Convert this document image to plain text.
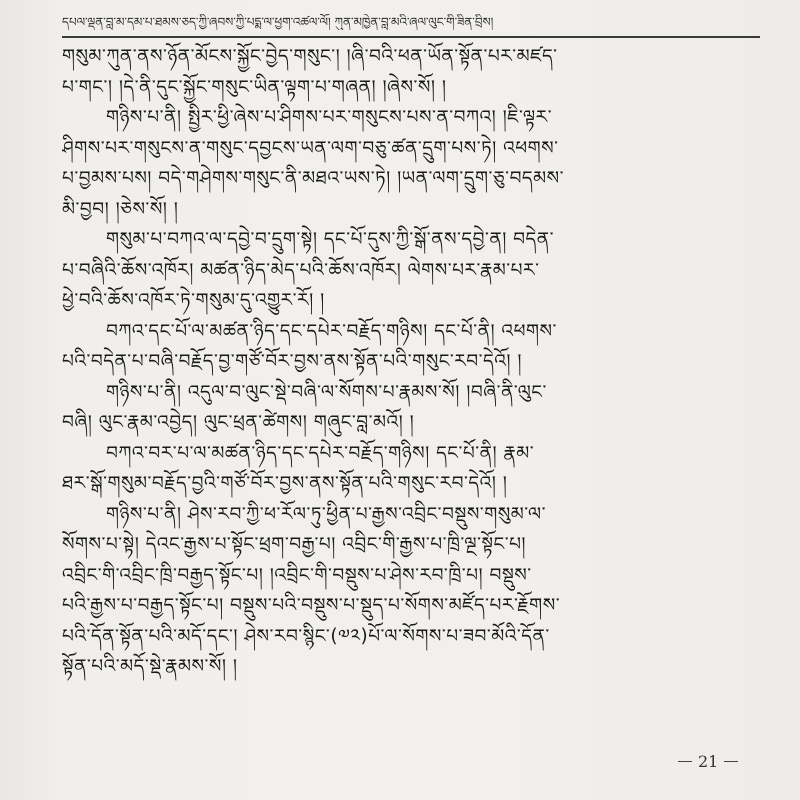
དཔལ་ལྡན་བླ་མ་དམ་པ་ཐམས་ཅད་ཀྱི་ཞབས་ཀྱི་པདྨ་ལ་ཕྱག་འཚལ་ལོ། ཀུན་མཁྱེན་བླ་མའི་ཞལ་ལུང་གི་ཟིན་བྲིས།
གསུམ་ཀུན་ནས་ཉོན་མོངས་སྐྱོང་བྱེད་གསུང་། །ཞི་བའི་ཕན་ཡོན་སྟོན་པར་མཛད་
པ་གང་། །དེ་ནི་དུང་སྐྱོང་གསུང་ཡིན་ལྟག་པ་གཞན། །ཞེས་སོ། །
གཉིས་པ་ནི། སྤྱིར་ཕྱི་ཞེས་པ་ཤིགས་པར་གསུངས་པས་ན་བཀའ། །ཇི་ལྟར་
ཤིགས་པར་གསུངས་ན་གསུང་དབྱངས་ཡན་ལག་བཅུ་ཚན་དྲུག་པས་ཏེ། འཕགས་
པ་བྱམས་པས། བདེ་གཤེགས་གསུང་ནི་མཐའ་ཡས་ཏེ། །ཡན་ལག་དྲུག་ཅུ་བདམས་
མི་བྱབ། །ཅེས་སོ། །
གསུམ་པ་བཀའ་ལ་དབྱེ་བ་དྲུག་སྟེ། དང་པོ་དུས་ཀྱི་སྒོ་ནས་དབྱེ་ན། བདེན་
པ་བཞིའི་ཆོས་འཁོར། མཚན་ཉིད་མེད་པའི་ཆོས་འཁོར། ལེགས་པར་རྣམ་པར་
ཕྱེ་བའི་ཆོས་འཁོར་ཏེ་གསུམ་དུ་འགྱུར་རོ། །
བཀའ་དང་པོ་ལ་མཚན་ཉིད་དང་དཔེར་བརྗོད་གཉིས། དང་པོ་ནི། འཕགས་
པའི་བདེན་པ་བཞི་བརྗོད་བྱ་གཙོ་བོར་བྱས་ནས་སྟོན་པའི་གསུང་རབ་དེའོ། །
གཉིས་པ་ནི། འདུལ་བ་ལུང་སྡེ་བཞི་ལ་སོགས་པ་རྣམས་སོ། །བཞི་ནི་ལུང་
བཞི། ལུང་རྣམ་འབྱེད། ལུང་ཕྲན་ཚེགས། གཞུང་བླ་མའོ། །
བཀའ་བར་པ་ལ་མཚན་ཉིད་དང་དཔེར་བརྗོད་གཉིས། དང་པོ་ནི། རྣམ་
ཐར་སྒོ་གསུམ་བརྗོད་བྱའི་གཙོ་བོར་བྱས་ནས་སྟོན་པའི་གསུང་རབ་དེའོ། །
གཉིས་པ་ནི། ཤེས་རབ་ཀྱི་ཕ་རོལ་ཏུ་ཕྱིན་པ་རྒྱས་འབྲིང་བསྡུས་གསུམ་ལ་
སོགས་པ་སྟེ། དེའང་རྒྱས་པ་སྟོང་ཕྲག་བརྒྱ་པ། འབྲིང་གི་རྒྱས་པ་ཁྲི་ལྔ་སྟོང་པ།
འབྲིང་གི་འབྲིང་ཁྲི་བརྒྱད་སྟོང་པ། །འབྲིང་གི་བསྡུས་པ་ཤེས་རབ་ཁྲི་པ། བསྡུས་
པའི་རྒྱས་པ་བརྒྱད་སྟོང་པ། བསྡུས་པའི་བསྡུས་པ་སྡུད་པ་སོགས་མཛོད་པར་རྗོགས་
པའི་དོན་སྟོན་པའི་མདོ་དང་། ཤེས་རབ་སྙིང་(༧༢)པོ་ལ་སོགས་པ་ཟབ་མོའི་དོན་
སྟོན་པའི་མདོ་སྡེ་རྣམས་སོ། །
21
